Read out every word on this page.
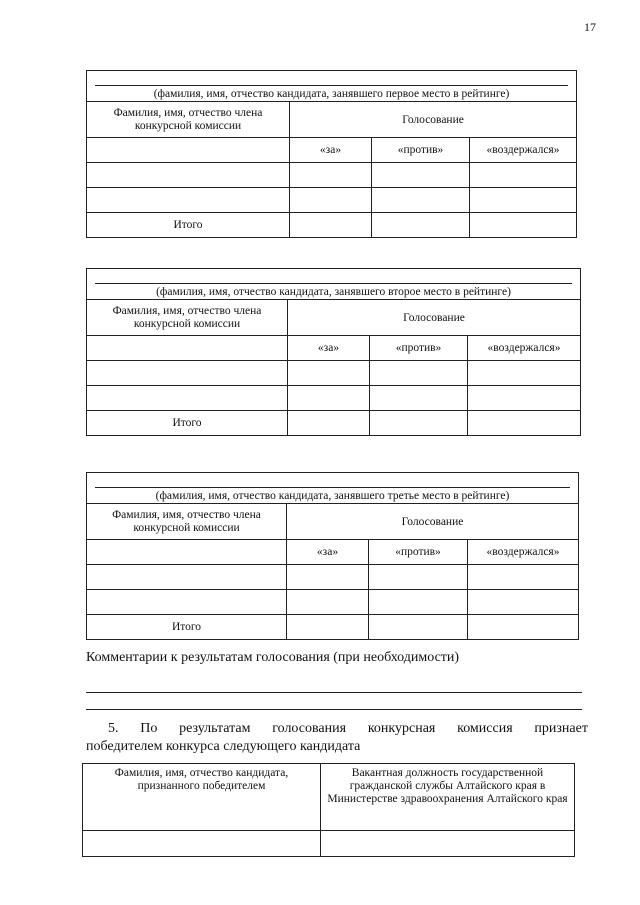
17
(фамилия, имя, отчество кандидата, занявшего первое место в рейтинге)			

Фамилия, имя, отчество члена конкурсной комиссии	Голосование		
	«за»	«против»	«воздержался»

Итого			
(фамилия, имя, отчество кандидата, занявшего второе место в рейтинге)			

Фамилия, имя, отчество члена конкурсной комиссии	Голосование		
	«за»	«против»	«воздержался»

Итого			
(фамилия, имя, отчество кандидата, занявшего третье место в рейтинге)			

Фамилия, имя, отчество члена конкурсной комиссии	Голосование		
	«за»	«против»	«воздержался»

Итого			
Комментарии к результатам голосования (при необходимости)
5. По результатам голосования конкурсная комиссия признает
победителем конкурса следующего кандидата
Фамилия, имя, отчество кандидата, признанного победителем	Вакантная должность государственной гражданской службы Алтайского края в Министерстве здравоохранения Алтайского края
